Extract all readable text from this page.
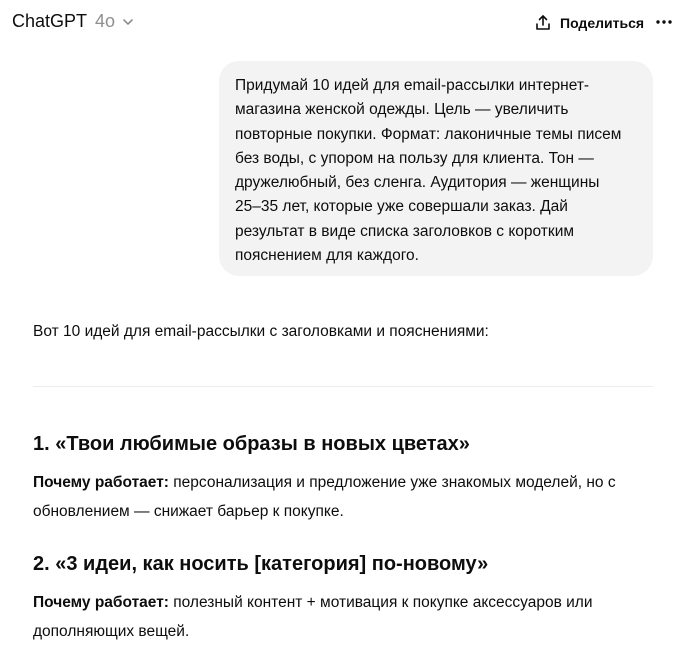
ChatGPT 4o	Поделиться
Придумай 10 идей для email-рассылки интернет-
магазина женской одежды. Цель — увеличить
повторные покупки. Формат: лаконичные темы писем
без воды, с упором на пользу для клиента. Тон —
дружелюбный, без сленга. Аудитория — женщины
25–35 лет, которые уже совершали заказ. Дай
результат в виде списка заголовков с коротким
пояснением для каждого.
Вот 10 идей для email-рассылки с заголовками и пояснениями:
1. «Твои любимые образы в новых цветах»
Почему работает: персонализация и предложение уже знакомых моделей, но с
обновлением — снижает барьер к покупке.
2. «3 идеи, как носить [категория] по-новому»
Почему работает: полезный контент + мотивация к покупке аксессуаров или
дополняющих вещей.
